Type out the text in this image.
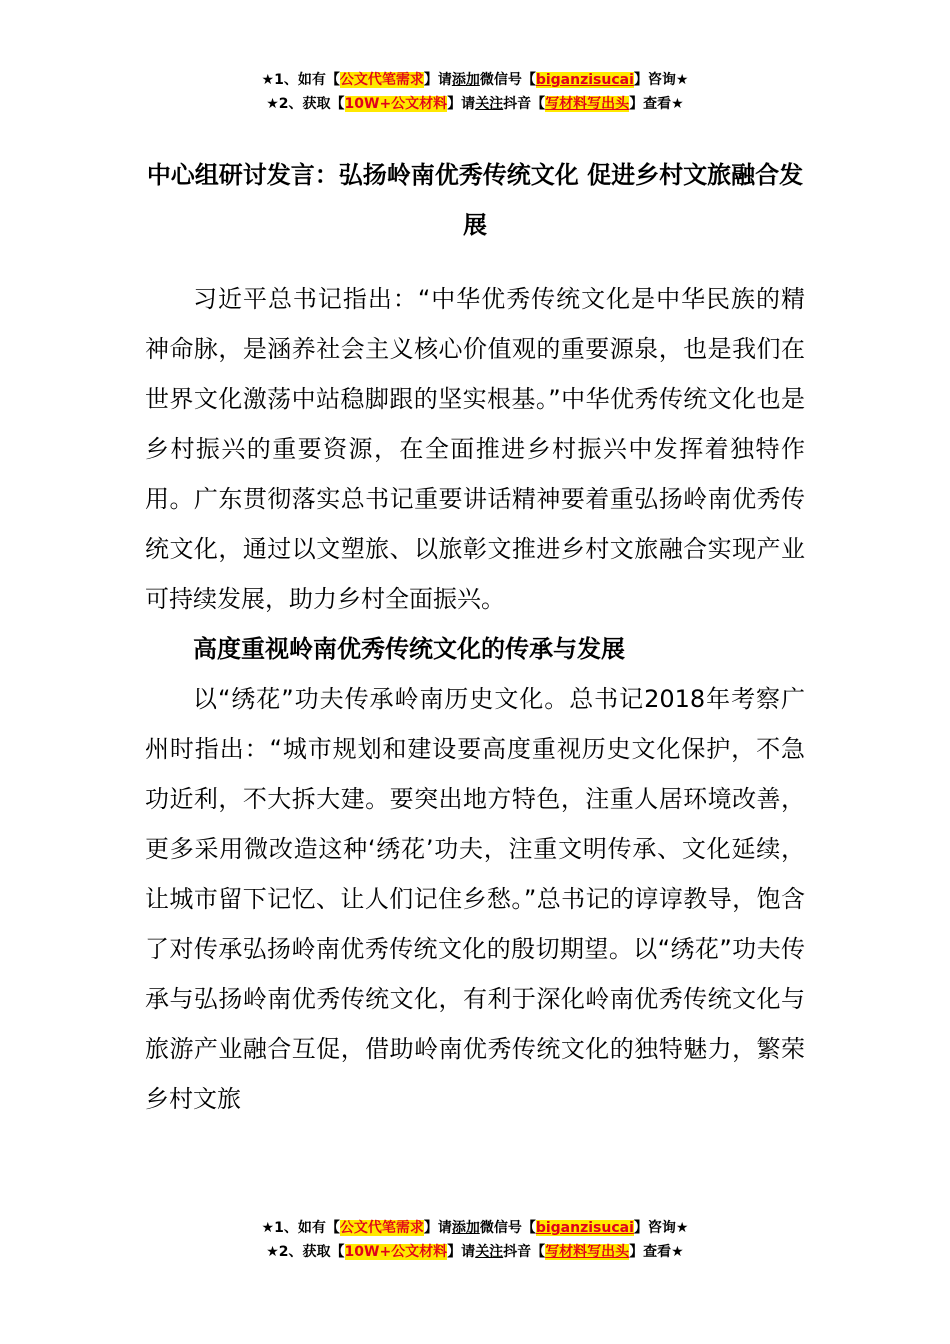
★1、如有【公文代笔需求】请添加微信号【biganzisucai】咨询★
★2、获取【10W+公文材料】请关注抖音【写材料写出头】查看★
中心组研讨发言：弘扬岭南优秀传统文化 促进乡村文旅融合发展

习近平总书记指出：“中华优秀传统文化是中华民族的精神命脉，是涵养社会主义核心价值观的重要源泉，也是我们在世界文化激荡中站稳脚跟的坚实根基。”中华优秀传统文化也是乡村振兴的重要资源，在全面推进乡村振兴中发挥着独特作用。广东贯彻落实总书记重要讲话精神要着重弘扬岭南优秀传统文化，通过以文塑旅、以旅彰文推进乡村文旅融合实现产业可持续发展，助力乡村全面振兴。

高度重视岭南优秀传统文化的传承与发展

以“绣花”功夫传承岭南历史文化。总书记2018年考察广州时指出：“城市规划和建设要高度重视历史文化保护，不急功近利，不大拆大建。要突出地方特色，注重人居环境改善，更多采用微改造这种‘绣花’功夫，注重文明传承、文化延续，让城市留下记忆、让人们记住乡愁。”总书记的谆谆教导，饱含了对传承弘扬岭南优秀传统文化的殷切期望。以“绣花”功夫传承与弘扬岭南优秀传统文化，有利于深化岭南优秀传统文化与旅游产业融合互促，借助岭南优秀传统文化的独特魅力，繁荣乡村文旅

★1、如有【公文代笔需求】请添加微信号【biganzisucai】咨询★
★2、获取【10W+公文材料】请关注抖音【写材料写出头】查看★
